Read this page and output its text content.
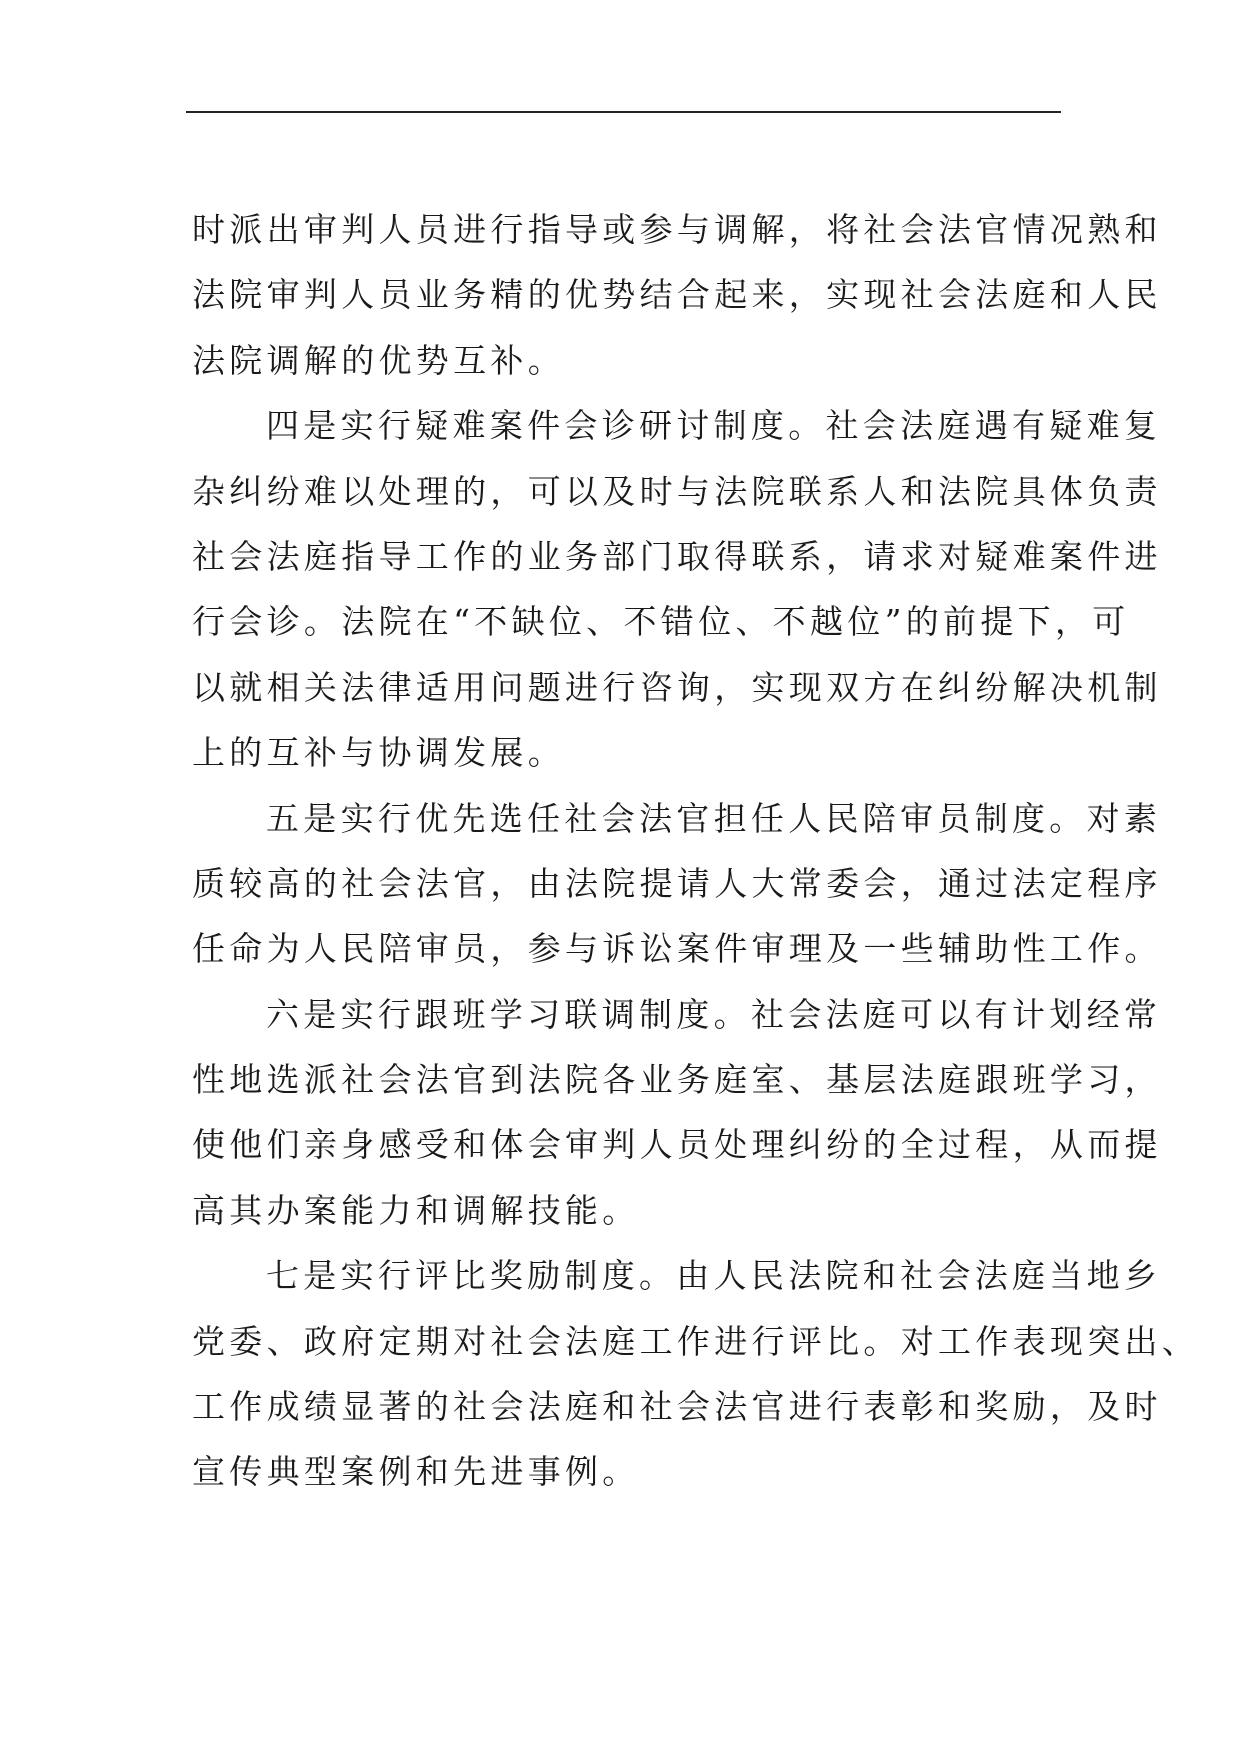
时派出审判人员进行指导或参与调解，将社会法官情况熟和
法院审判人员业务精的优势结合起来，实现社会法庭和人民
法院调解的优势互补。
四是实行疑难案件会诊研讨制度。社会法庭遇有疑难复
杂纠纷难以处理的，可以及时与法院联系人和法院具体负责
社会法庭指导工作的业务部门取得联系，请求对疑难案件进
行会诊。法院在“不缺位、不错位、不越位”的前提下，可
以就相关法律适用问题进行咨询，实现双方在纠纷解决机制
上的互补与协调发展。
五是实行优先选任社会法官担任人民陪审员制度。对素
质较高的社会法官，由法院提请人大常委会，通过法定程序
任命为人民陪审员，参与诉讼案件审理及一些辅助性工作。
六是实行跟班学习联调制度。社会法庭可以有计划经常
性地选派社会法官到法院各业务庭室、基层法庭跟班学习，
使他们亲身感受和体会审判人员处理纠纷的全过程，从而提
高其办案能力和调解技能。
七是实行评比奖励制度。由人民法院和社会法庭当地乡
党委、政府定期对社会法庭工作进行评比。对工作表现突出、
工作成绩显著的社会法庭和社会法官进行表彰和奖励，及时
宣传典型案例和先进事例。
